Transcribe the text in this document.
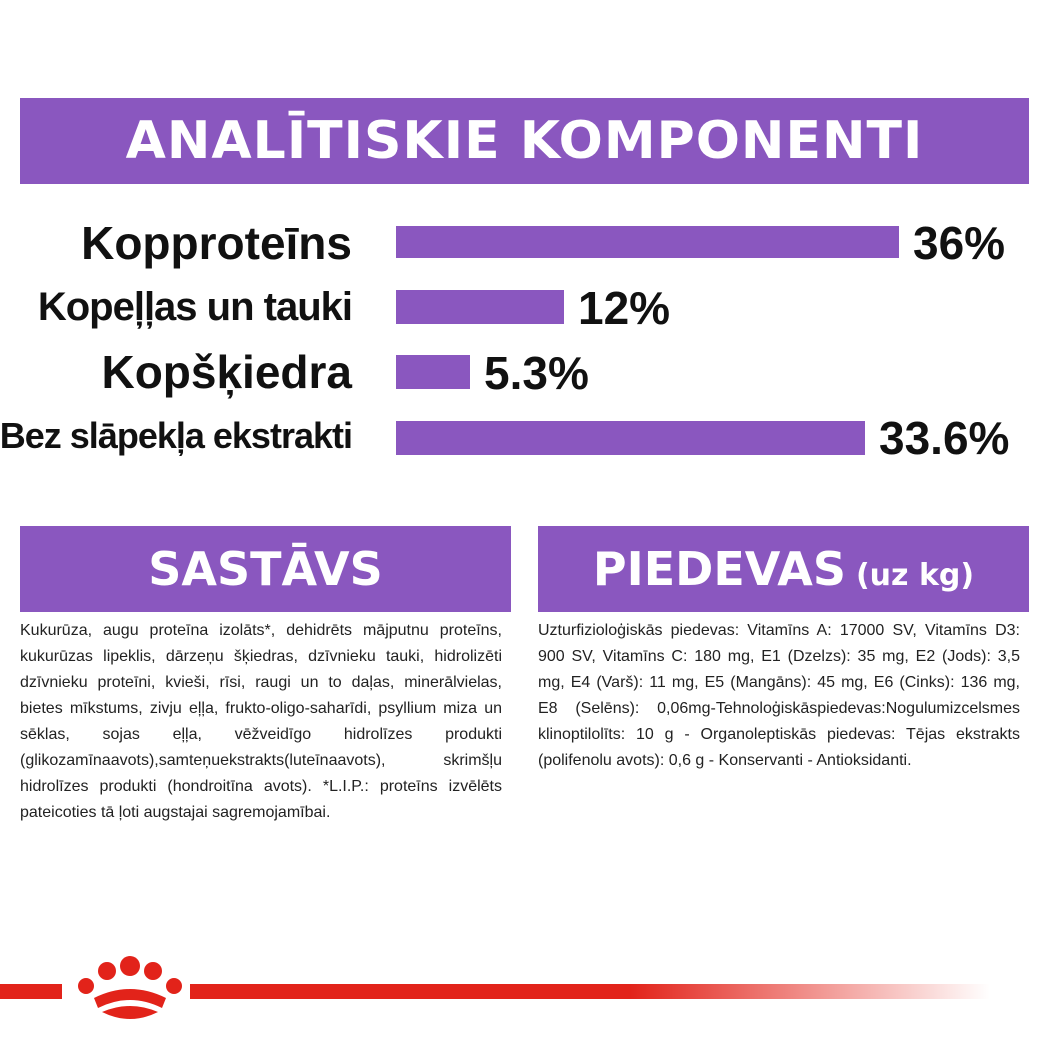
ANALĪTISKIE KOMPONENTI
Kopproteīns	36%
Kopeļļas un tauki	12%
Kopšķiedra	5.3%
Bez slāpekļa ekstrakti	33.6%
SASTĀVS

Kukurūza, augu proteīna izolāts*, dehidrēts mājputnu proteīns, kukurūzas lipeklis, dārzeņu šķiedras, dzīvnieku tauki, hidrolizēti dzīvnieku proteīni, kvieši, rīsi, raugi un to daļas, minerālvielas, bietes mīkstums, zivju eļļa, frukto-oligo-saharīdi, psyllium miza un sēklas, sojas eļļa, vēžveidīgo hidrolīzes produkti (glikozamīnaavots),samteņuekstrakts(luteīnaavots), skrimšļu hidrolīzes produkti (hondroitīna avots). *L.I.P.: proteīns izvēlēts pateicoties tā ļoti augstajai sagremojamībai.

PIEDEVAS (uz kg)

Uzturfizioloģiskās piedevas: Vitamīns A: 17000 SV, Vitamīns D3: 900 SV, Vitamīns C: 180 mg, E1 (Dzelzs): 35 mg, E2 (Jods): 3,5 mg, E4 (Varš): 11 mg, E5 (Mangāns): 45 mg, E6 (Cinks): 136 mg, E8 (Selēns): 0,06mg-Tehnoloģiskāspiedevas:Nogulumizcelsmes klinoptilolīts: 10 g - Organoleptiskās piedevas: Tējas ekstrakts (polifenolu avots): 0,6 g - Konservanti - Antioksidanti.
